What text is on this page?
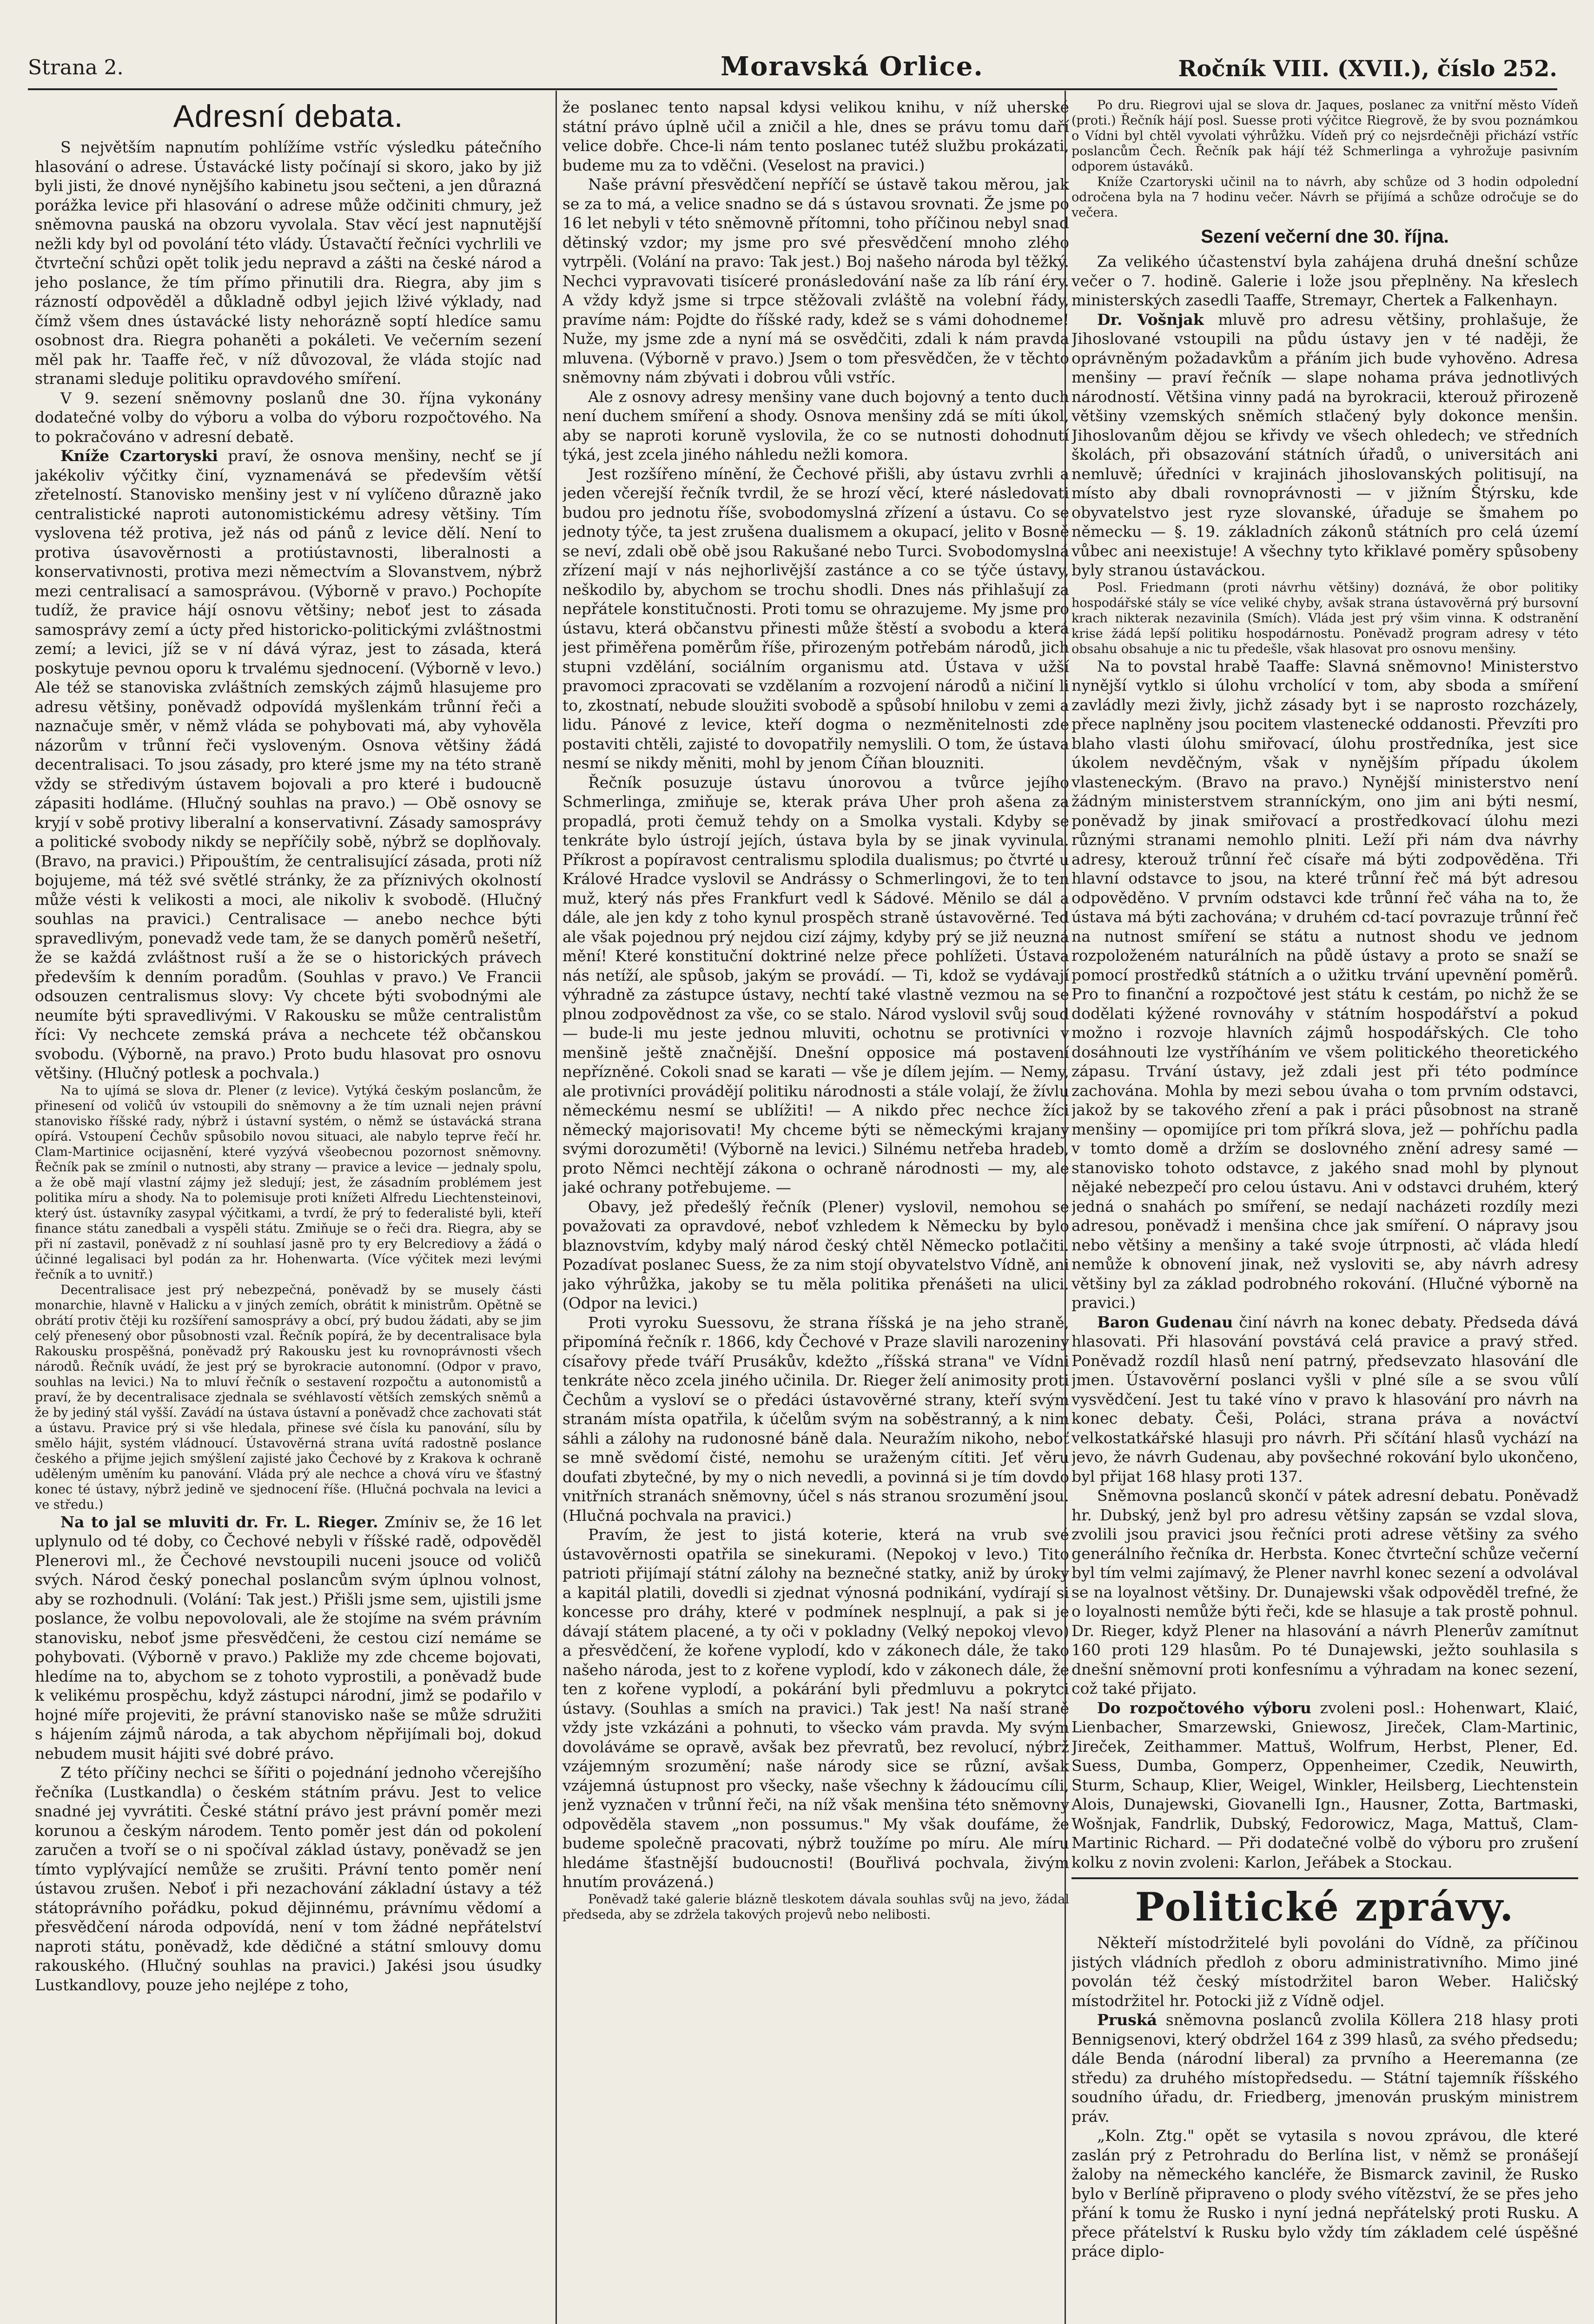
Strana 2.	Moravská Orlice.	Ročník VIII. (XVII.), číslo 252.
Adresní debata.

S největším napnutím pohlížíme vstříc výsledku pátečního hlasování o adrese. Ústavácké listy počínají si skoro, jako by již byli jisti, že dnové nynějšího kabinetu jsou sečteni, a jen důrazná porážka levice při hlasování o adrese může odčiniti chmury, jež sněmovna pauská na obzoru vyvolala. Stav věcí jest napnutější nežli kdy byl od povolání této vlády. Ústavačtí řečníci vychrlili ve čtvrteční schůzi opět tolik jedu nepravd a zášti na české národ a jeho poslance, že tím přímo přinutili dra. Riegra, aby jim s rázností odpověděl a důkladně odbyl jejich lživé výklady, nad čímž všem dnes ústavácké listy nehorázně soptí hledíce samu osobnost dra. Riegra pohaněti a pokáleti. Ve večerním sezení měl pak hr. Taaffe řeč, v níž důvozoval, že vláda stojíc nad stranami sleduje politiku opravdového smíření.

V 9. sezení sněmovny poslanů dne 30. října vykonány dodatečné volby do výboru a volba do výboru rozpočtového. Na to pokračováno v adresní debatě.

Kníže Czartoryski praví, že osnova menšiny, nechť se jí jakékoliv výčitky činí, vyznamenává se především větší zřetelností. Stanovisko menšiny jest v ní vylíčeno důrazně jako centralistické naproti autonomistickému adresy většiny. Tím vyslovena též protiva, jež nás od pánů z levice dělí. Není to protiva úsavověrnosti a protiústavnosti, liberalnosti a konservativnosti, protiva mezi němectvím a Slovanstvem, nýbrž mezi centralisací a samosprávou. (Výborně v pravo.) Pochopíte tudíž, že pravice hájí osnovu většiny; neboť jest to zásada samosprávy zemí a úcty před historicko-politickými zvláštnostmi zemí; a levici, jíž se v ní dává výraz, jest to zásada, která poskytuje pevnou oporu k trvalému sjednocení. (Výborně v levo.) Ale též se stanoviska zvláštních zemských zájmů hlasujeme pro adresu většiny, poněvadž odpovídá myšlenkám trůnní řeči a naznačuje směr, v němž vláda se pohybovati má, aby vyhověla názorům v trůnní řeči vysloveným. Osnova většiny žádá decentralisaci. To jsou zásady, pro které jsme my na této straně vždy se středivým ústavem bojovali a pro které i budoucně zápasiti hodláme. (Hlučný souhlas na pravo.) — Obě osnovy se kryjí v sobě protivy liberalní a konservativní. Zásady samosprávy a politické svobody nikdy se nepříčily sobě, nýbrž se doplňovaly. (Bravo, na pravici.) Připouštím, že centralisující zásada, proti níž bojujeme, má též své světlé stránky, že za příznivých okolností může vésti k velikosti a moci, ale nikoliv k svobodě. (Hlučný souhlas na pravici.) Centralisace — anebo nechce býti spravedlivým, ponevadž vede tam, že se danych poměrů nešetří, že se každá zvláštnost ruší a že se o historických právech především k denním poradům. (Souhlas v pravo.) Ve Francii odsouzen centralismus slovy: Vy chcete býti svobodnými ale neumíte býti spravedlivými. V Rakousku se může centralistům říci: Vy nechcete zemská práva a nechcete též občanskou svobodu. (Výborně, na pravo.) Proto budu hlasovat pro osnovu většiny. (Hlučný potlesk a pochvala.)

Na to ujímá se slova dr. Plener (z levice). Vytýká českým poslancům, že přinesení od voličů úv vstoupili do sněmovny a že tím uznali nejen právní stanovisko říšské rady, nýbrž i ústavní systém, o němž se ústavácká strana opírá. Vstoupení Čechův spůsobilo novou situaci, ale nabylo teprve řečí hr. Clam-Martinice ocijasnění, které vyzývá všeobecnou pozornost sněmovny. Řečník pak se zmínil o nutnosti, aby strany — pravice a levice — jednaly spolu, a že obě mají vlastní zájmy jež sledují; jest, že zásadním problémem jest politika míru a shody. Na to polemisuje proti knížeti Alfredu Liechtensteinovi, který úst. ústavníky zasypal výčitkami, a tvrdí, že prý to federalisté byli, kteří finance státu zanedbali a vyspěli státu. Zmiňuje se o řeči dra. Riegra, aby se při ní zastavil, poněvadž z ní souhlasí jasně pro ty ery Belcrediovy a žádá o účinné legalisaci byl podán za hr. Hohenwarta. (Více výčitek mezi levými řečník a to uvnitř.)

Decentralisace jest prý nebezpečná, poněvadž by se musely části monarchie, hlavně v Halicku a v jiných zemích, obrátit k ministrům. Opětně se obrátí protiv čtěji ku rozšíření samosprávy a obcí, prý budou žádati, aby se jim celý přenesený obor působnosti vzal. Řečník popírá, že by decentralisace byla Rakousku prospěšná, poněvadž prý Rakousku jest ku rovnoprávnosti všech národů. Řečník uvádí, že jest prý se byrokracie autonomní. (Odpor v pravo, souhlas na levici.) Na to mluví řečník o sestavení rozpočtu a autonomistů a praví, že by decentralisace zjednala se svéhlavostí větších zemských sněmů a že by jediný stál vyšší. Zavádí na ústava ústavní a poněvadž chce zachovati stát a ústavu. Pravice prý si vše hledala, přinese své čísla ku panování, sílu by smělo hájit, systém vládnoucí. Ústavověrná strana uvítá radostně poslance českého a přijme jejich smýšlení zajisté jako Čechové by z Krakova k ochraně uděleným uměním ku panování. Vláda prý ale nechce a chová víru ve šťastný konec té ústavy, nýbrž jedině ve sjednocení říše. (Hlučná pochvala na levici a ve středu.)

Na to jal se mluviti dr. Fr. L. Rieger. Zmíniv se, že 16 let uplynulo od té doby, co Čechové nebyli v říšské radě, odpověděl Plenerovi ml., že Čechové nevstoupili nuceni jsouce od voličů svých. Národ český ponechal poslancům svým úplnou volnost, aby se rozhodnuli. (Volání: Tak jest.) Přišli jsme sem, ujistili jsme poslance, že volbu nepovolovali, ale že stojíme na svém právním stanovisku, neboť jsme přesvědčeni, že cestou cizí nemáme se pohybovati. (Výborně v pravo.) Pakliže my zde chceme bojovati, hledíme na to, abychom se z tohoto vyprostili, a poněvadž bude k velikému prospěchu, když zástupci národní, jimž se podařilo v hojné míře projeviti, že právní stanovisko naše se může sdružiti s hájením zájmů národa, a tak abychom něpřijímali boj, dokud nebudem musit hájiti své dobré právo.

Z této příčiny nechci se šířiti o pojednání jednoho včerejšího řečníka (Lustkandla) o českém státním právu. Jest to velice snadné jej vyvrátiti. České státní právo jest právní poměr mezi korunou a českým národem. Tento poměr jest dán od pokolení zaručen a tvoří se o ni spočíval základ ústavy, poněvadž se jen tímto vyplývající nemůže se zrušiti. Právní tento poměr není ústavou zrušen. Neboť i při nezachování základní ústavy a též státoprávního pořádku, pokud dějinnému, právnímu vědomí a přesvědčení národa odpovídá, není v tom žádné nepřátelství naproti státu, poněvadž, kde dědičné a státní smlouvy domu rakouského. (Hlučný souhlas na pravici.) Jakési jsou úsudky Lustkandlovy, pouze jeho nejlépe z toho,

že poslanec tento napsal kdysi velikou knihu, v níž uherské státní právo úplně učil a zničil a hle, dnes se právu tomu daří velice dobře. Chce-li nám tento poslanec tutéž službu prokázati, budeme mu za to vděčni. (Veselost na pravici.)

Naše právní přesvědčení nepříčí se ústavě takou měrou, jak se za to má, a velice snadno se dá s ústavou srovnati. Že jsme po 16 let nebyli v této sněmovně přítomni, toho příčinou nebyl snad dětinský vzdor; my jsme pro své přesvědčení mnoho zlého vytrpěli. (Volání na pravo: Tak jest.) Boj našeho národa byl těžký. Nechci vypravovati tisíceré pronásledování naše za líb rání éry. A vždy když jsme si trpce stěžovali zvláště na volební řády, pravíme nám: Pojdte do říšské rady, kdež se s vámi dohodneme! Nuže, my jsme zde a nyní má se osvědčiti, zdali k nám pravda mluvena. (Výborně v pravo.) Jsem o tom přesvědčen, že v těchto sněmovny nám zbývati i dobrou vůli vstříc.

Ale z osnovy adresy menšiny vane duch bojovný a tento duch není duchem smíření a shody. Osnova menšiny zdá se míti úkol, aby se naproti koruně vyslovila, že co se nutnosti dohodnutí týká, jest zcela jiného náhledu nežli komora.

Jest rozšířeno mínění, že Čechové přišli, aby ústavu zvrhli a jeden včerejší řečník tvrdil, že se hrozí věcí, které následovati budou pro jednotu říše, svobodomyslná zřízení a ústavu. Co se jednoty týče, ta jest zrušena dualismem a okupací, jelito v Bosně se neví, zdali obě obě jsou Rakušané nebo Turci. Svobodomyslná zřízení mají v nás nejhorlivější zastánce a co se týče ústavy, neškodilo by, abychom se trochu shodli. Dnes nás přihlašují za nepřátele konstitučnosti. Proti tomu se ohrazujeme. My jsme pro ústavu, která občanstvu přinesti může štěstí a svobodu a která jest přiměřena poměrům říše, přirozeným potřebám národů, jich stupni vzdělání, sociálním organismu atd. Ústava v užší pravomoci zpracovati se vzdělaním a rozvojení národů a ničiní li to, zkostnatí, nebude sloužiti svobodě a spůsobí hnilobu v zemi a lidu. Pánové z levice, kteří dogma o nezměnitelnosti zde postaviti chtěli, zajisté to dovopatřily nemyslili. O tom, že ústava nesmí se nikdy měniti, mohl by jenom Číňan blouzniti.

Řečník posuzuje ústavu únorovou a tvůrce jejího Schmerlinga, zmiňuje se, kterak práva Uher proh ašena za propadlá, proti čemuž tehdy on a Smolka vystali. Kdyby se tenkráte bylo ústrojí jejích, ústava byla by se jinak vyvinula. Příkrost a popíravost centralismu splodila dualismus; po čtvrté u Králové Hradce vyslovil se Andrássy o Schmerlingovi, že to ten muž, který nás přes Frankfurt vedl k Sádové. Měnilo se dál a dále, ale jen kdy z toho kynul prospěch straně ústavověrné. Ted ale však pojednou prý nejdou cizí zájmy, kdyby prý se již neuzná mění! Které konstituční doktriné nelze přece pohlížeti. Ústava nás netíží, ale spůsob, jakým se provádí. — Ti, kdož se vydávají výhradně za zástupce ústavy, nechtí také vlastně vezmou na se plnou zodpovědnost za vše, co se stalo. Národ vyslovil svůj soud — bude-li mu jeste jednou mluviti, ochotnu se protivníci v menšině ještě značnější. Dnešní opposice má postavení nepřízněné. Cokoli snad se karati — vše je dílem jejím. — Nemy, ale protivníci provádějí politiku národnosti a stále volají, že žívlu německému nesmí se ublížiti! — A nikdo přec nechce žíci německý majorisovati! My chceme býti se německými krajany svými dorozuměti! (Výborně na levici.) Silnému netřeba hradeb, proto Němci nechtějí zákona o ochraně národnosti — my, ale jaké ochrany potřebujeme. —

Obavy, jež předešlý řečník (Plener) vyslovil, nemohou se považovati za opravdové, neboť vzhledem k Německu by bylo blaznovstvím, kdyby malý národ český chtěl Německo potlačiti. Pozadívat poslanec Suess, že za nim stojí obyvatelstvo Vídně, ani jako výhrůžka, jakoby se tu měla politika přenášeti na ulici. (Odpor na levici.)

Proti vyroku Suessovu, že strana říšská je na jeho straně, připomíná řečník r. 1866, kdy Čechové v Praze slavili narozeniny císařovy přede tváří Prusákův, kdežto „říšská strana" ve Vídni tenkráte něco zcela jiného učinila. Dr. Rieger želí animosity proti Čechům a vysloví se o předáci ústavověrné strany, kteří svým stranám místa opatřila, k účelům svým na soběstranný, a k nim sáhli a zálohy na rudonosné báně dala. Neuražím nikoho, neboť se mně svědomí čisté, nemohu se uraženým cítiti. Jeť věru doufati zbytečné, by my o nich nevedli, a povinná si je tím dovdo vnitřních stranách sněmovny, účel s nás stranou srozumění jsou. (Hlučná pochvala na pravici.)

Pravím, že jest to jistá koterie, která na vrub své ústavověrnosti opatřila se sinekurami. (Nepokoj v levo.) Tito patrioti přijímají státní zálohy na beznečné statky, aniž by úroky a kapitál platili, dovedli si zjednat výnosná podnikání, vydírají si koncesse pro dráhy, které v podmínek nesplnují, a pak si je dávají státem placené, a ty oči v pokladny (Velký nepokoj vlevo) a přesvědčení, že kořene vyplodí, kdo v zákonech dále, že tako našeho národa, jest to z kořene vyplodí, kdo v zákonech dále, že ten z kořene vyplodí, a pokárání byli předmluvu a pokrytci ústavy. (Souhlas a smích na pravici.) Tak jest! Na naší straně vždy jste vzkázáni a pohnuti, to všecko vám pravda. My svým dovoláváme se opravě, avšak bez převratů, bez revolucí, nýbrž vzájemným srozumění; naše národy sice se různí, avšak vzájemná ústupnost pro všecky, naše všechny k žádoucímu cíli, jenž vyznačen v trůnní řeči, na níž však menšina této sněmovny odpověděla stavem „non possumus." My však doufáme, že budeme společně pracovati, nýbrž toužíme po míru. Ale míru hledáme šťastnější budoucnosti! (Bouřlivá pochvala, živým hnutím provázená.)

Poněvadž také galerie blázně tleskotem dávala souhlas svůj na jevo, žádal předseda, aby se zdržela takových projevů nebo nelibosti.

Po dru. Riegrovi ujal se slova dr. Jaques, poslanec za vnitřní město Vídeň (proti.) Řečník hájí posl. Suesse proti výčitce Riegrově, že by svou poznámkou o Vídni byl chtěl vyvolati výhrůžku. Vídeň prý co nejsrdečněji přichází vstříc poslancům Čech. Řečník pak hájí též Schmerlinga a vyhrožuje pasivním odporem ústaváků.

Kníže Czartoryski učinil na to návrh, aby schůze od 3 hodin odpolední odročena byla na 7 hodinu večer. Návrh se přijímá a schůze odročuje se do večera.

Sezení večerní dne 30. října.

Za velikého účastenství byla zahájena druhá dnešní schůze večer o 7. hodině. Galerie i lože jsou přeplněny. Na křeslech ministerských zasedli Taaffe, Stremayr, Chertek a Falkenhayn.

Dr. Vošnjak mluvě pro adresu většiny, prohlašuje, že Jihoslované vstoupili na půdu ústavy jen v té naději, že oprávněným požadavkům a přáním jich bude vyhověno. Adresa menšiny — praví řečník — slape nohama práva jednotlivých národností. Většina vinny padá na byrokracii, kterouž přirozeně většiny vzemských sněmích stlačený byly dokonce menšin. Jihoslovanům dějou se křivdy ve všech ohledech; ve středních školách, při obsazování státních úřadů, o universitách ani nemluvě; úředníci v krajinách jihoslovanských politisují, na místo aby dbali rovnoprávnosti — v jižním Štýrsku, kde obyvatelstvo jest ryze slovanské, úřaduje se šmahem po německu — §. 19. základních zákonů státních pro celá území vůbec ani neexistuje! A všechny tyto křiklavé poměry spůsobeny byly stranou ústaváckou.

Posl. Friedmann (proti návrhu většiny) doznává, že obor politiky hospodářské stály se více veliké chyby, avšak strana ústavověrná prý bursovní krach nikterak nezavinila (Smích). Vláda jest prý všim vinna. K odstranění krise žádá lepší politiku hospodárnostu. Poněvadž program adresy v této obsahu obsahuje a nic tu předešle, však hlasovat pro osnovu menšiny.

Na to povstal hrabě Taaffe: Slavná sněmovno! Ministerstvo nynější vytklo si úlohu vrcholící v tom, aby sboda a smíření zavládly mezi živly, jichž zásady byt i se naprosto rozcházely, přece naplněny jsou pocitem vlastenecké oddanosti. Převzíti pro blaho vlasti úlohu smiřovací, úlohu prostředníka, jest sice úkolem nevděčným, však v nynějším případu úkolem vlasteneckým. (Bravo na pravo.) Nynější ministerstvo není žádným ministerstvem stranníckým, ono jim ani býti nesmí, poněvadž by jinak smiřovací a prostředkovací úlohu mezi různými stranami nemohlo plniti. Leží při nám dva návrhy adresy, kterouž trůnní řeč císaře má býti zodpověděna. Tři hlavní odstavce to jsou, na které trůnní řeč má být adresou odpověděno. V prvním odstavci kde trůnní řeč váha na to, že ústava má býti zachována; v druhém cd-tací povrazuje trůnní řeč na nutnost smíření se státu a nutnost shodu ve jednom rozpoloženém naturálních na půdě ústavy a proto se snaží se pomocí prostředků státních a o užitku trvání upevnění poměrů. Pro to finanční a rozpočtové jest státu k cestám, po nichž že se dodělati kýžené rovnováhy v státním hospodářství a pokud možno i rozvoje hlavních zájmů hospodářských. Cle toho dosáhnouti lze vystříháním ve všem politického theoretického zápasu. Trvání ústavy, jež zdali jest při této podmínce zachována. Mohla by mezi sebou úvaha o tom prvním odstavci, jakož by se takového zření a pak i práci působnost na straně menšiny — opomijíce pri tom příkrá slova, jež — pohříchu padla v tomto domě a držím se doslovného znění adresy samé — stanovisko tohoto odstavce, z jakého snad mohl by plynout nějaké nebezpečí pro celou ústavu. Ani v odstavci druhém, který jedná o snahách po smíření, se nedají nacházeti rozdíly mezi adresou, poněvadž i menšina chce jak smíření. O nápravy jsou nebo většiny a menšiny a také svoje útrpnosti, ač vláda hledí nemůže k obnovení jinak, než vysloviti se, aby návrh adresy většiny byl za základ podrobného rokování. (Hlučné výborně na pravici.)

Baron Gudenau činí návrh na konec debaty. Předseda dává hlasovati. Při hlasování povstává celá pravice a pravý střed. Poněvadž rozdíl hlasů není patrný, předsevzato hlasování dle jmen. Ústavověrní poslanci vyšli v plné síle a se svou vůlí vysvědčení. Jest tu také víno v pravo k hlasování pro návrh na konec debaty. Češi, Poláci, strana práva a nováctví velkostatkářské hlasuji pro návrh. Při sčítání hlasů vychází na jevo, že návrh Gudenau, aby povšechné rokování bylo ukončeno, byl přijat 168 hlasy proti 137.

Sněmovna poslanců skončí v pátek adresní debatu. Poněvadž hr. Dubský, jenž byl pro adresu většiny zapsán se vzdal slova, zvolili jsou pravici jsou řečníci proti adrese většiny za svého generálního řečníka dr. Herbsta. Konec čtvrteční schůze večerní byl tím velmi zajímavý, že Plener navrhl konec sezení a odvolával se na loyalnost většiny. Dr. Dunajewski však odpověděl trefné, že o loyalnosti nemůže býti řeči, kde se hlasuje a tak prostě pohnul. Dr. Rieger, když Plener na hlasování a návrh Plenerův zamítnut 160 proti 129 hlasům. Po té Dunajewski, ježto souhlasila s dnešní sněmovní proti konfesnímu a výhradam na konec sezení, což také přijato.

Do rozpočtového výboru zvoleni posl.: Hohenwart, Klaić, Lienbacher, Smarzewski, Gniewosz, Jireček, Clam-Martinic, Jireček, Zeithammer. Mattuš, Wolfrum, Herbst, Plener, Ed. Suess, Dumba, Gomperz, Oppenheimer, Czedik, Neuwirth, Sturm, Schaup, Klier, Weigel, Winkler, Heilsberg, Liechtenstein Alois, Dunajewski, Giovanelli Ign., Hausner, Zotta, Bartmaski, Wošnjak, Fandrlik, Dubský, Fedorowicz, Maga, Mattuš, Clam-Martinic Richard. — Při dodatečné volbě do výboru pro zrušení kolku z novin zvoleni: Karlon, Jeřábek a Stockau.

Politické zprávy.

Někteří místodržitelé byli povoláni do Vídně, za příčinou jistých vládních předloh z oboru administrativního. Mimo jiné povolán též český místodržitel baron Weber. Haličský místodržitel hr. Potocki již z Vídně odjel.

Pruská sněmovna poslanců zvolila Köllera 218 hlasy proti Bennigsenovi, který obdržel 164 z 399 hlasů, za svého předsedu; dále Benda (národní liberal) za prvního a Heeremanna (ze středu) za druhého místopředsedu. — Státní tajemník říšského soudního úřadu, dr. Friedberg, jmenován pruským ministrem práv.

„Koln. Ztg." opět se vytasila s novou zprávou, dle které zaslán prý z Petrohradu do Berlína list, v němž se pronášejí žaloby na německého kancléře, že Bismarck zavinil, že Rusko bylo v Berlíně připraveno o plody svého vítězství, že se přes jeho přání k tomu že Rusko i nyní jedná nepřátelský proti Rusku. A přece přátelství k Rusku bylo vždy tím základem celé úspěšné práce diplo-
